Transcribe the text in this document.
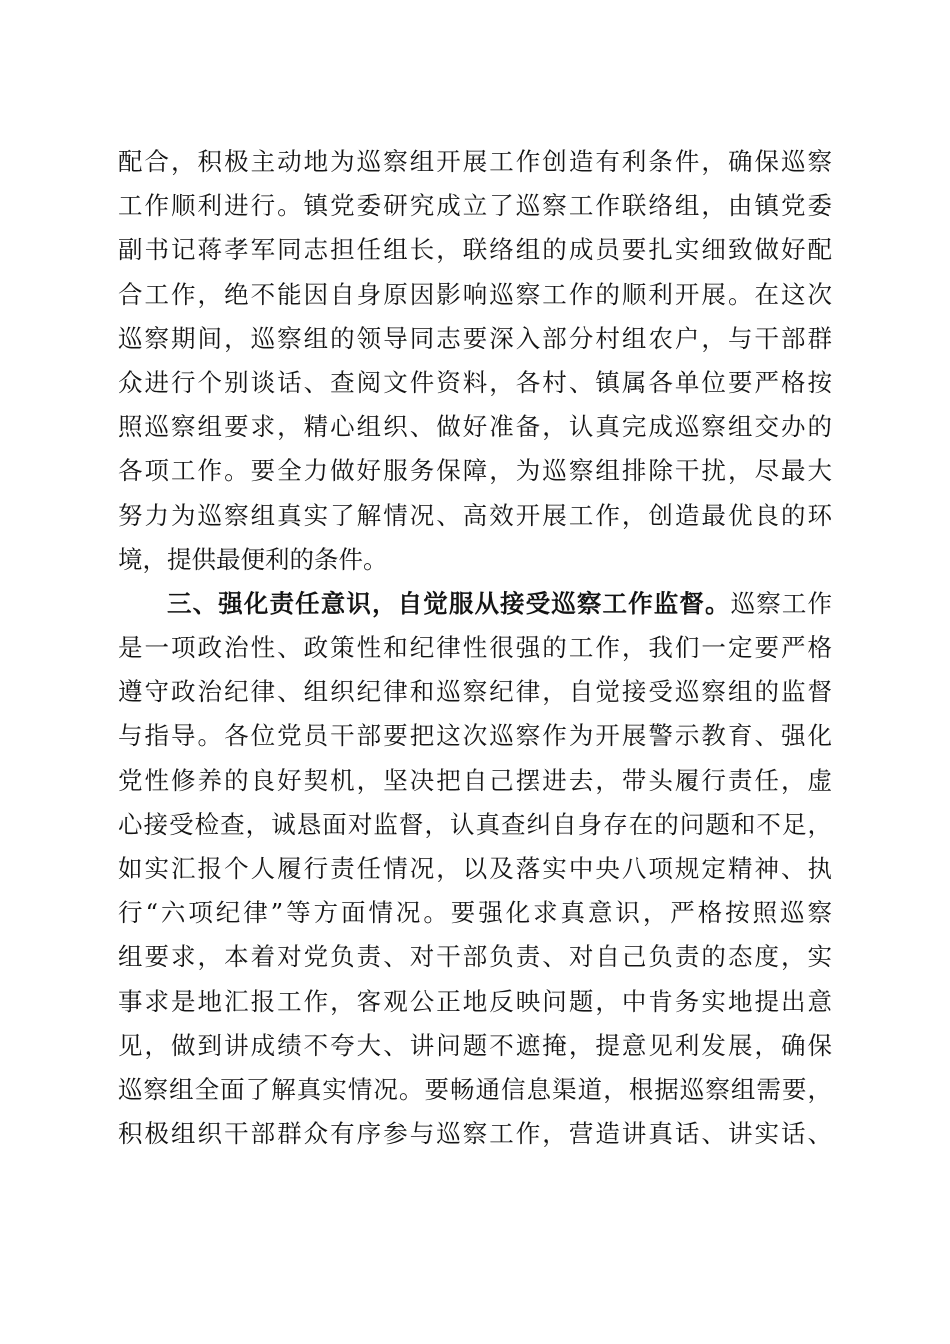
配合，积极主动地为巡察组开展工作创造有利条件，确保巡察
工作顺利进行。镇党委研究成立了巡察工作联络组，由镇党委
副书记蒋孝军同志担任组长，联络组的成员要扎实细致做好配
合工作，绝不能因自身原因影响巡察工作的顺利开展。在这次
巡察期间，巡察组的领导同志要深入部分村组农户，与干部群
众进行个别谈话、查阅文件资料，各村、镇属各单位要严格按
照巡察组要求，精心组织、做好准备，认真完成巡察组交办的
各项工作。要全力做好服务保障，为巡察组排除干扰，尽最大
努力为巡察组真实了解情况、高效开展工作，创造最优良的环
境，提供最便利的条件。
三、强化责任意识，自觉服从接受巡察工作监督。巡察工作
是一项政治性、政策性和纪律性很强的工作，我们一定要严格
遵守政治纪律、组织纪律和巡察纪律，自觉接受巡察组的监督
与指导。各位党员干部要把这次巡察作为开展警示教育、强化
党性修养的良好契机，坚决把自己摆进去，带头履行责任，虚
心接受检查，诚恳面对监督，认真查纠自身存在的问题和不足，
如实汇报个人履行责任情况，以及落实中央八项规定精神、执
行“六项纪律”等方面情况。要强化求真意识，严格按照巡察
组要求，本着对党负责、对干部负责、对自己负责的态度，实
事求是地汇报工作，客观公正地反映问题，中肯务实地提出意
见，做到讲成绩不夸大、讲问题不遮掩，提意见利发展，确保
巡察组全面了解真实情况。要畅通信息渠道，根据巡察组需要，
积极组织干部群众有序参与巡察工作，营造讲真话、讲实话、
